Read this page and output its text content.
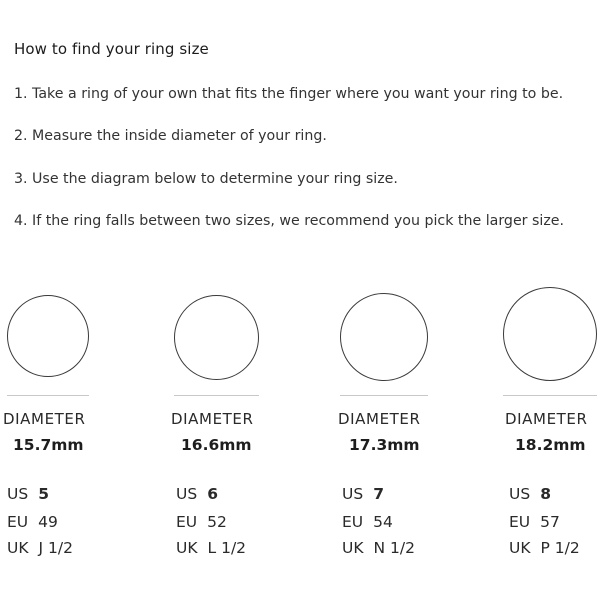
How to find your ring size
1. Take a ring of your own that fits the finger where you want your ring to be.
2. Measure the inside diameter of your ring.
3. Use the diagram below to determine your ring size.
4. If the ring falls between two sizes, we recommend you pick the larger size.
DIAMETER
15.7mm
US 5
EU 49
UK J 1/2
DIAMETER
16.6mm
US 6
EU 52
UK L 1/2
DIAMETER
17.3mm
US 7
EU 54
UK N 1/2
DIAMETER
18.2mm
US 8
EU 57
UK P 1/2
